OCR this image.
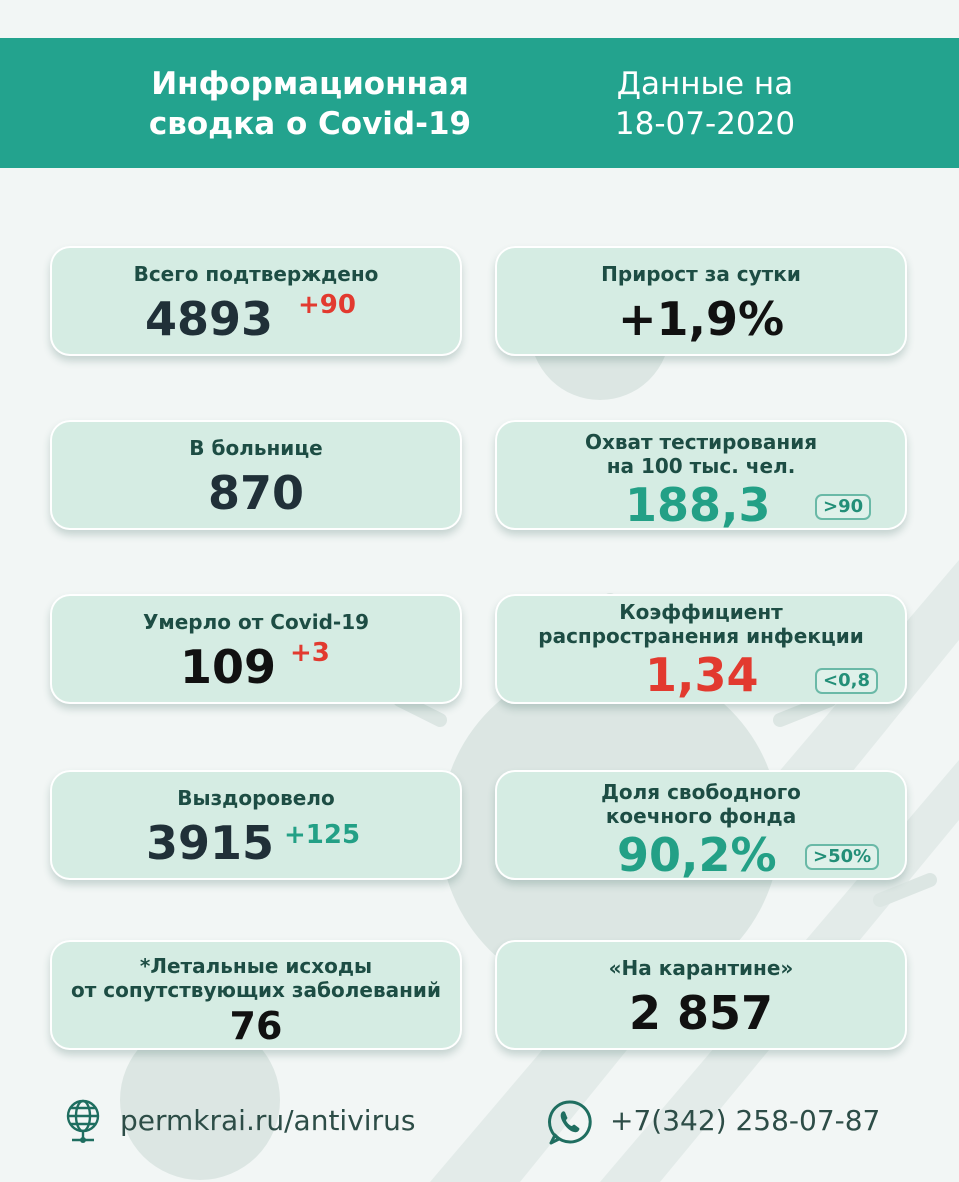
Информационная
сводка о Covid-19
Данные на
18-07-2020
Всего подтверждено
4893 +90
Прирост за сутки
+1,9%
В больнице
870
Охват тестирования
на 100 тыс. чел.
188,3	>90
Умерло от Covid-19
109 +3
Коэффициент
распространения инфекции
1,34	<0,8
Выздоровело
3915 +125
Доля свободного
коечного фонда
90,2%	>50%
*Летальные исходы
от сопутствующих заболеваний
76
«На карантине»
2 857
permkrai.ru/antivirus	+7(342) 258-07-87
